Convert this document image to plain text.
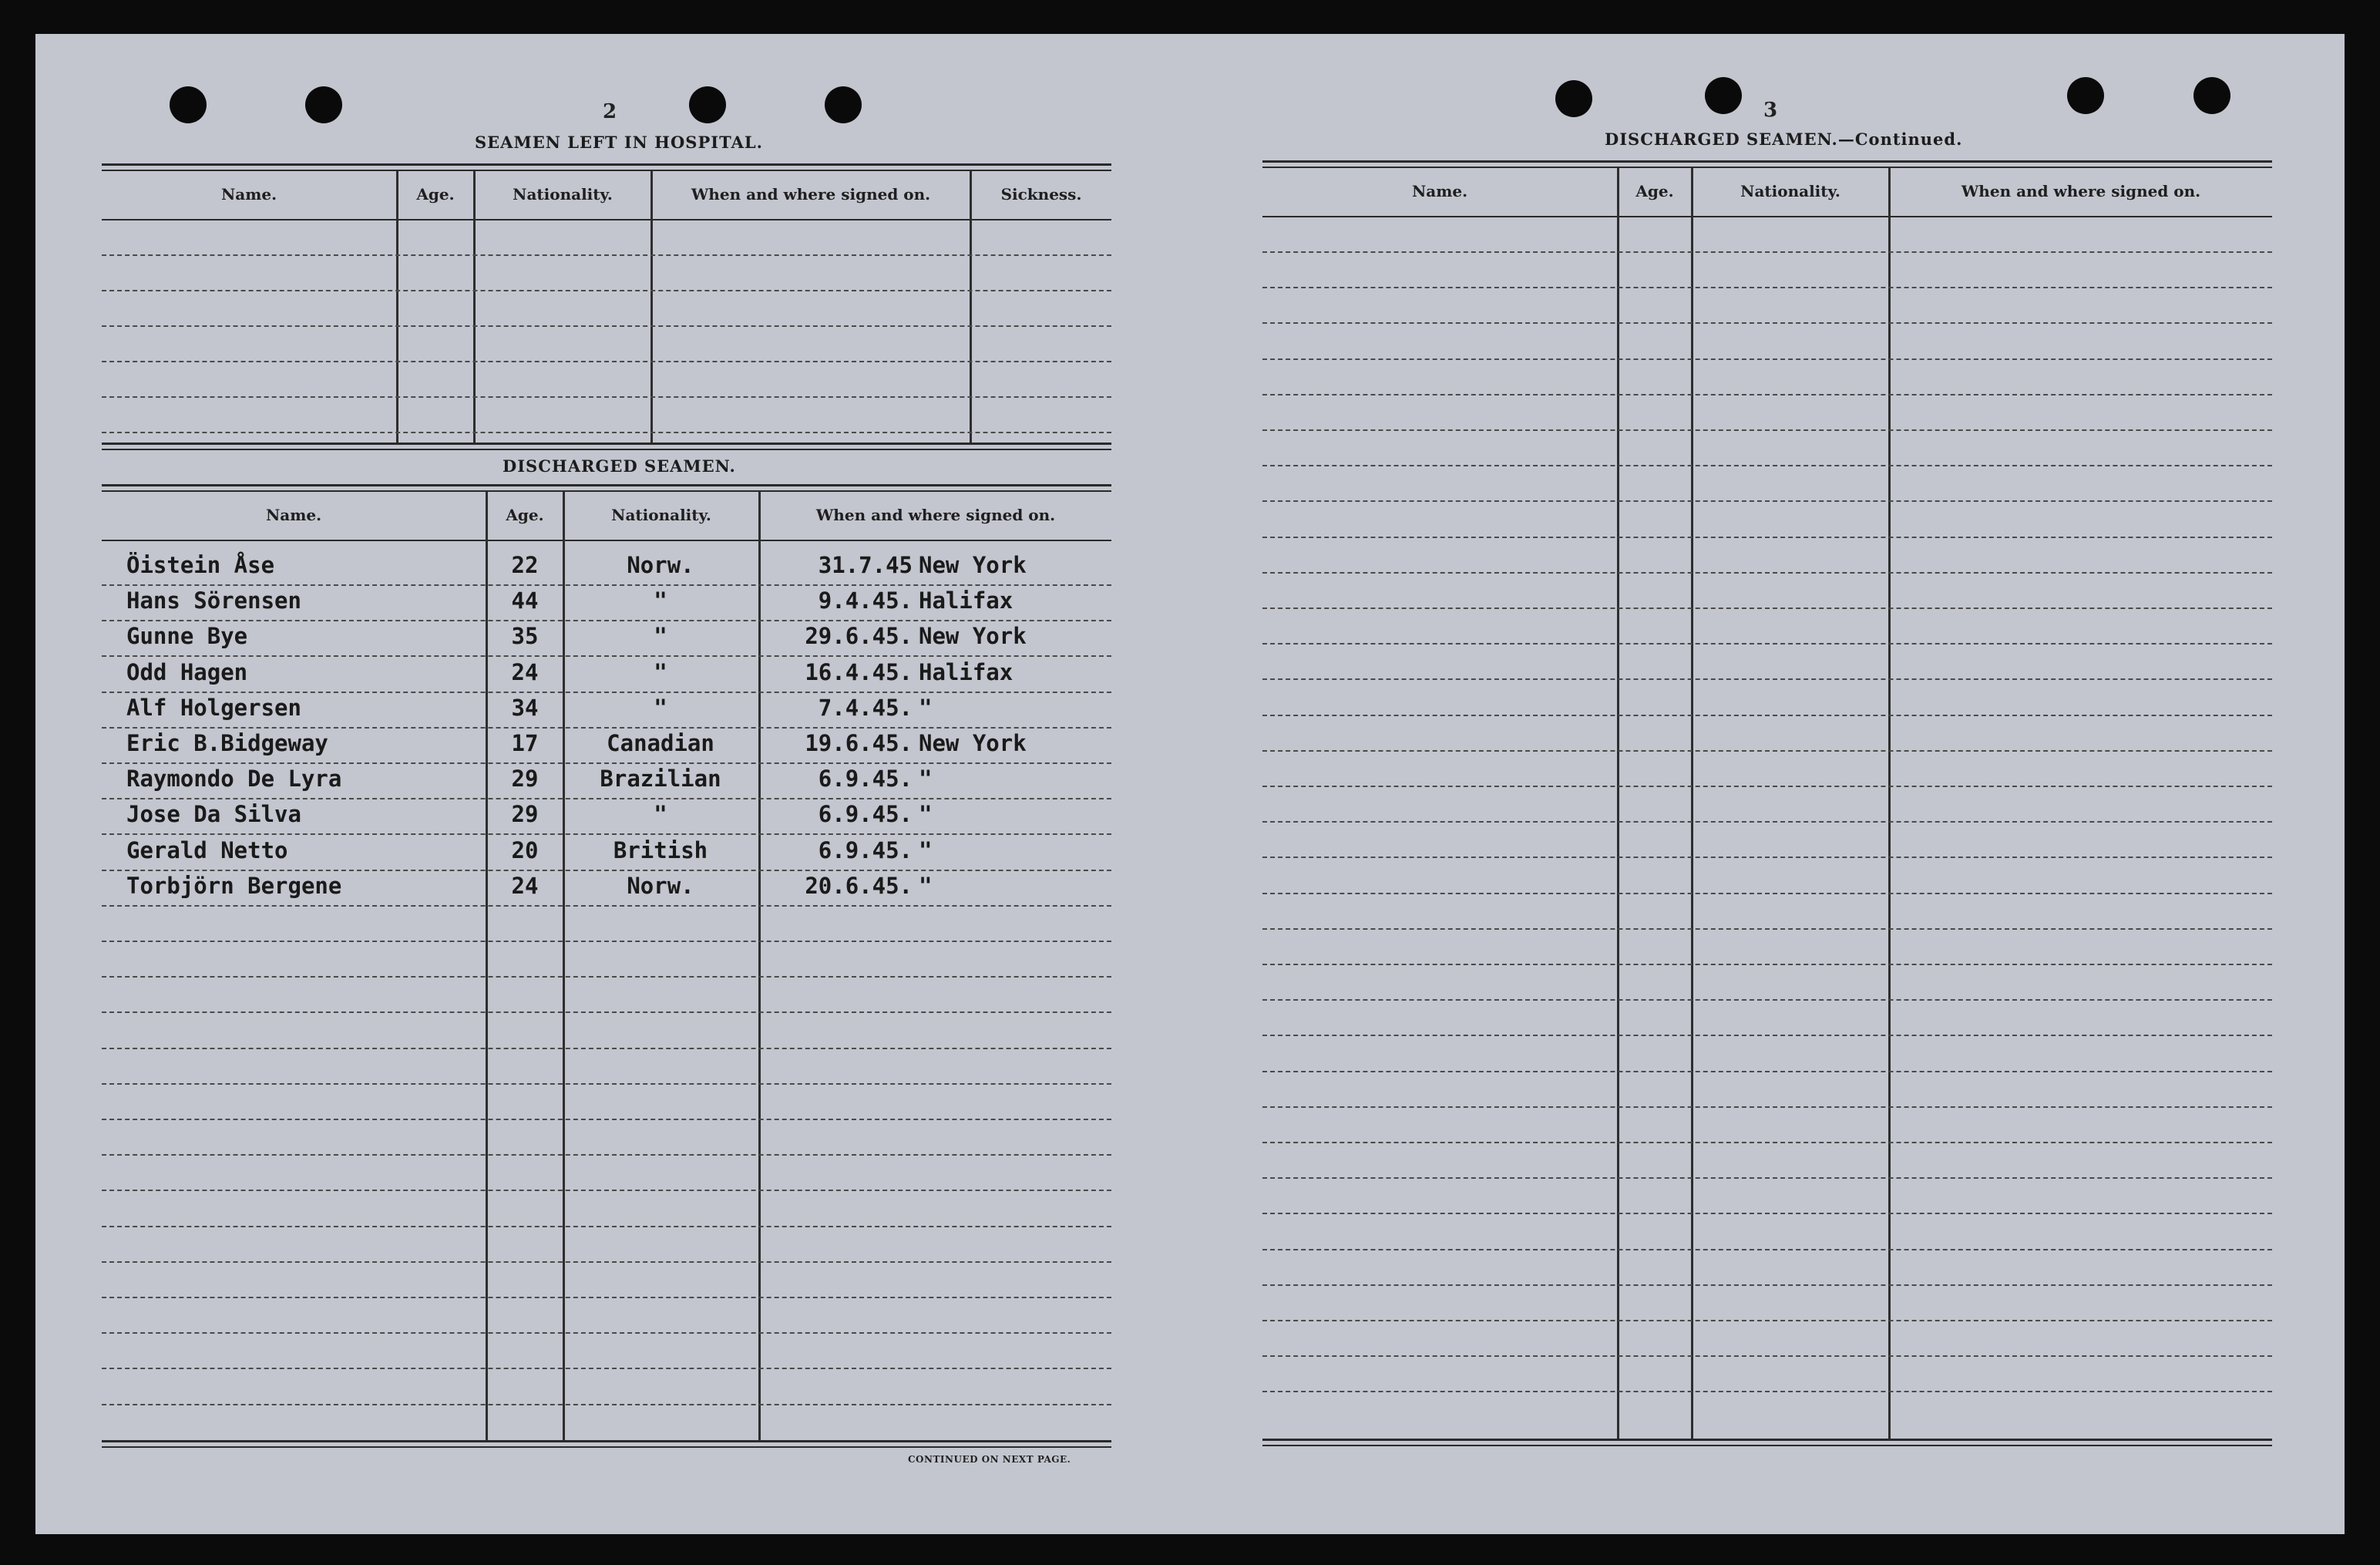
2
SEAMEN LEFT IN HOSPITAL.
Name.	Age.	Nationality.	When and where signed on.	Sickness.
DISCHARGED SEAMEN.
Name.	Age.	Nationality.	When and where signed on.
Öistein Åse	22	Norw.	31.7.45 New York
Hans Sörensen	44	"	9.4.45. Halifax
Gunne Bye	35	"	29.6.45. New York
Odd Hagen	24	"	16.4.45. Halifax
Alf Holgersen	34	"	7.4.45. "
Eric B.Bidgeway	17	Canadian	19.6.45. New York
Raymondo De Lyra	29	Brazilian	6.9.45. "
Jose Da Silva	29	"	6.9.45. "
Gerald Netto	20	British	6.9.45. "
Torbjörn Bergene	24	Norw.	20.6.45. "
CONTINUED ON NEXT PAGE.
3
DISCHARGED SEAMEN.—Continued.
Name.	Age.	Nationality.	When and where signed on.
